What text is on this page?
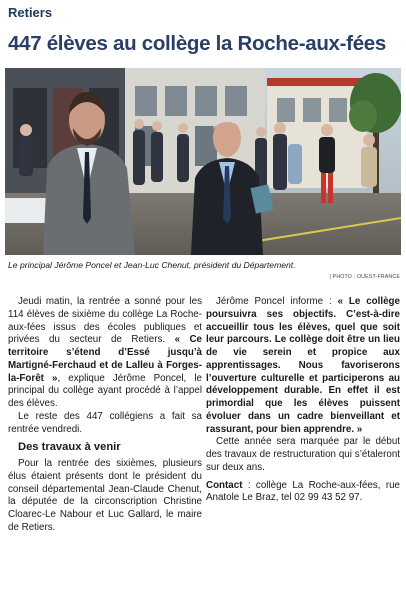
Retiers
447 élèves au collège la Roche-aux-fées
Le principal Jérôme Poncel et Jean-Luc Chenut, président du Département.
| PHOTO : OUEST-FRANCE

Jeudi matin, la rentrée a sonné pour les 114 élèves de sixième du collège La Roche-aux-fées issus des écoles publiques et privées du secteur de Retiers. « Ce territoire s’étend d’Essé jusqu’à Martigné-Ferchaud et de Lalleu à Forges-la-Forêt », explique Jérôme Poncel, le principal du collège ayant procédé à l’appel des élèves.

Le reste des 447 collégiens a fait sa rentrée vendredi.

Des travaux à venir

Pour la rentrée des sixièmes, plusieurs élus étaient présents dont le président du conseil départemental Jean-Claude Chenut, la députée de la circonscription Christine Cloarec-Le Nabour et Luc Gallard, le maire de Retiers.

Jérôme Poncel informe : « Le collège poursuivra ses objectifs. C’est-à-dire accueillir tous les élèves, quel que soit leur parcours. Le collège doit être un lieu de vie serein et propice aux apprentissages. Nous favoriserons l’ouverture culturelle et participerons au développement durable. En effet il est primordial que les élèves puissent évoluer dans un cadre bienveillant et rassurant, pour bien apprendre. »

Cette année sera marquée par le début des travaux de restructuration qui s’étaleront sur deux ans.

Contact : collège La Roche-aux-fées, rue Anatole Le Braz, tel 02 99 43 52 97.
